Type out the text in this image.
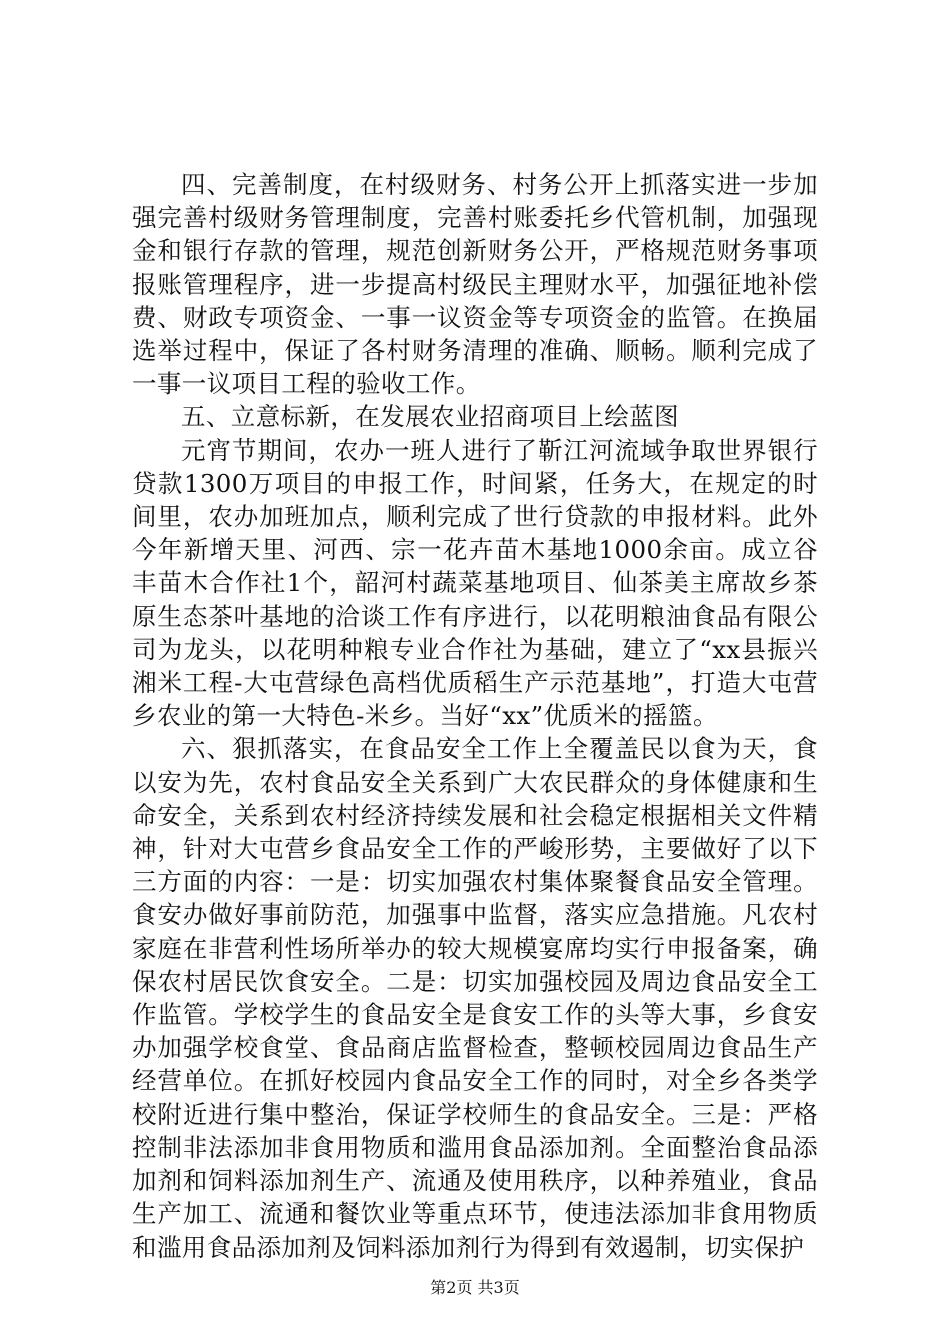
四、完善制度，在村级财务、村务公开上抓落实进一步加强完善村级财务管理制度，完善村账委托乡代管机制，加强现金和银行存款的管理，规范创新财务公开，严格规范财务事项报账管理程序，进一步提高村级民主理财水平，加强征地补偿费、财政专项资金、一事一议资金等专项资金的监管。在换届选举过程中，保证了各村财务清理的准确、顺畅。顺利完成了一事一议项目工程的验收工作。

五、立意标新，在发展农业招商项目上绘蓝图

元宵节期间，农办一班人进行了靳江河流域争取世界银行贷款1300万项目的申报工作，时间紧，任务大，在规定的时间里，农办加班加点，顺利完成了世行贷款的申报材料。此外今年新增天里、河西、宗一花卉苗木基地1000余亩。成立谷丰苗木合作社1个，韶河村蔬菜基地项目、仙茶美主席故乡茶原生态茶叶基地的洽谈工作有序进行，以花明粮油食品有限公司为龙头，以花明种粮专业合作社为基础，建立了“xx县振兴湘米工程-大屯营绿色高档优质稻生产示范基地”，打造大屯营乡农业的第一大特色-米乡。当好“xx”优质米的摇篮。

六、狠抓落实，在食品安全工作上全覆盖民以食为天，食以安为先，农村食品安全关系到广大农民群众的身体健康和生命安全，关系到农村经济持续发展和社会稳定根据相关文件精神，针对大屯营乡食品安全工作的严峻形势，主要做好了以下三方面的内容：一是：切实加强农村集体聚餐食品安全管理。食安办做好事前防范，加强事中监督，落实应急措施。凡农村家庭在非营利性场所举办的较大规模宴席均实行申报备案，确保农村居民饮食安全。二是：切实加强校园及周边食品安全工作监管。学校学生的食品安全是食安工作的头等大事，乡食安办加强学校食堂、食品商店监督检查，整顿校园周边食品生产经营单位。在抓好校园内食品安全工作的同时，对全乡各类学校附近进行集中整治，保证学校师生的食品安全。三是：严格控制非法添加非食用物质和滥用食品添加剂。全面整治食品添加剂和饲料添加剂生产、流通及使用秩序，以种养殖业，食品生产加工、流通和餐饮业等重点环节，使违法添加非食用物质和滥用食品添加剂及饲料添加剂行为得到有效遏制，切实保护

第2页 共3页
